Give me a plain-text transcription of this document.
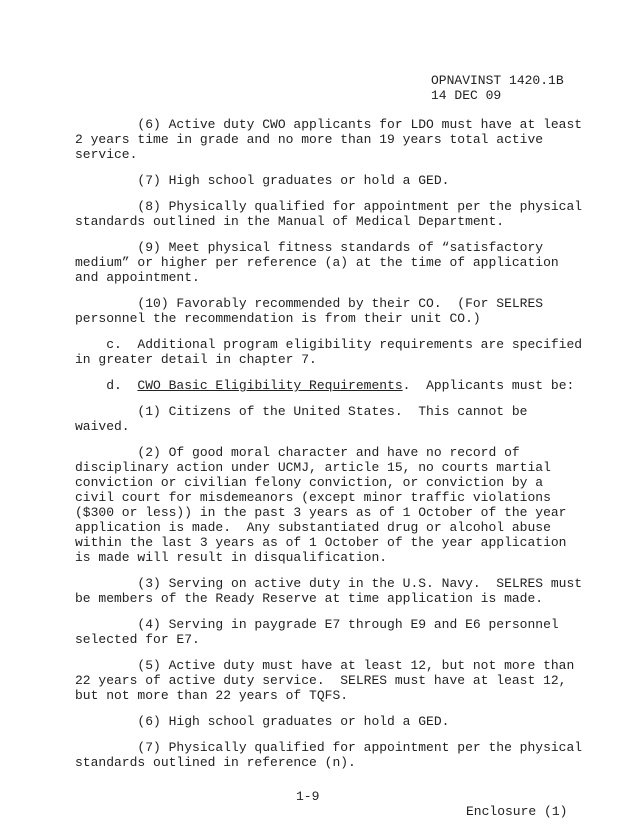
OPNAVINST 1420.1B
14 DEC 09
(6) Active duty CWO applicants for LDO must have at least
2 years time in grade and no more than 19 years total active
service.
(7) High school graduates or hold a GED.
(8) Physically qualified for appointment per the physical
standards outlined in the Manual of Medical Department.
(9) Meet physical fitness standards of “satisfactory
medium” or higher per reference (a) at the time of application
and appointment.
(10) Favorably recommended by their CO.  (For SELRES
personnel the recommendation is from their unit CO.)
c.  Additional program eligibility requirements are specified
in greater detail in chapter 7.
d.  CWO Basic Eligibility Requirements.  Applicants must be:
(1) Citizens of the United States.  This cannot be
waived.
(2) Of good moral character and have no record of
disciplinary action under UCMJ, article 15, no courts martial
conviction or civilian felony conviction, or conviction by a
civil court for misdemeanors (except minor traffic violations
($300 or less)) in the past 3 years as of 1 October of the year
application is made.  Any substantiated drug or alcohol abuse
within the last 3 years as of 1 October of the year application
is made will result in disqualification.
(3) Serving on active duty in the U.S. Navy.  SELRES must
be members of the Ready Reserve at time application is made.
(4) Serving in paygrade E7 through E9 and E6 personnel
selected for E7.
(5) Active duty must have at least 12, but not more than
22 years of active duty service.  SELRES must have at least 12,
but not more than 22 years of TQFS.
(6) High school graduates or hold a GED.
(7) Physically qualified for appointment per the physical
standards outlined in reference (n).

1-9

Enclosure (1)
